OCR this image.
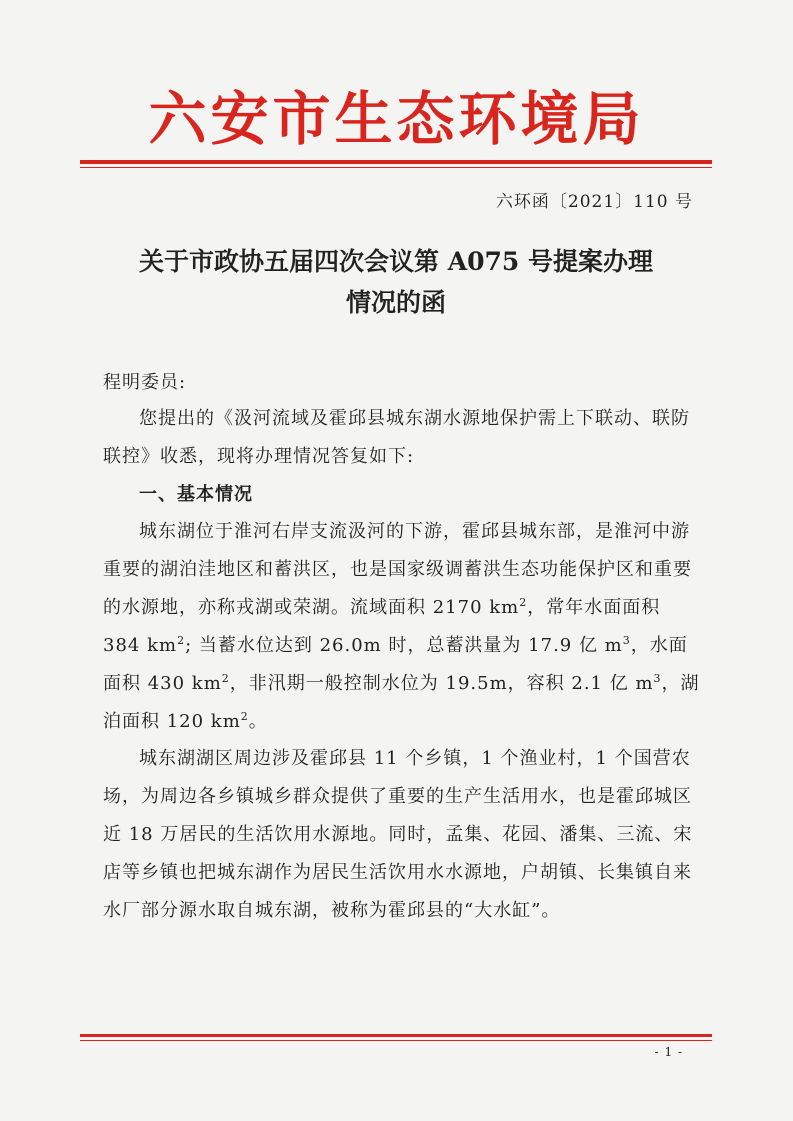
六安市生态环境局
六环函〔2021〕110 号
关于市政协五届四次会议第 A075 号提案办理
情况的函

程明委员:

您提出的《汲河流域及霍邱县城东湖水源地保护需上下联动、联防联控》收悉，现将办理情况答复如下:

一、基本情况

城东湖位于淮河右岸支流汲河的下游，霍邱县城东部，是淮河中游重要的湖泊洼地区和蓄洪区，也是国家级调蓄洪生态功能保护区和重要的水源地，亦称戎湖或荣湖。流域面积 2170 $km^2$，常年水面面积 384 $km^2$; 当蓄水位达到 26.0m 时，总蓄洪量为 17.9 亿 $m^3$，水面面积 430 $km^2$，非汛期一般控制水位为 19.5m，容积 2.1 亿 $m^3$，湖泊面积 120 $km^2$。

城东湖湖区周边涉及霍邱县 11 个乡镇，1 个渔业村，1 个国营农场，为周边各乡镇城乡群众提供了重要的生产生活用水，也是霍邱城区近 18 万居民的生活饮用水源地。同时，孟集、花园、潘集、三流、宋店等乡镇也把城东湖作为居民生活饮用水水源地，户胡镇、长集镇自来水厂部分源水取自城东湖，被称为霍邱县的“大水缸”。

- 1 -
